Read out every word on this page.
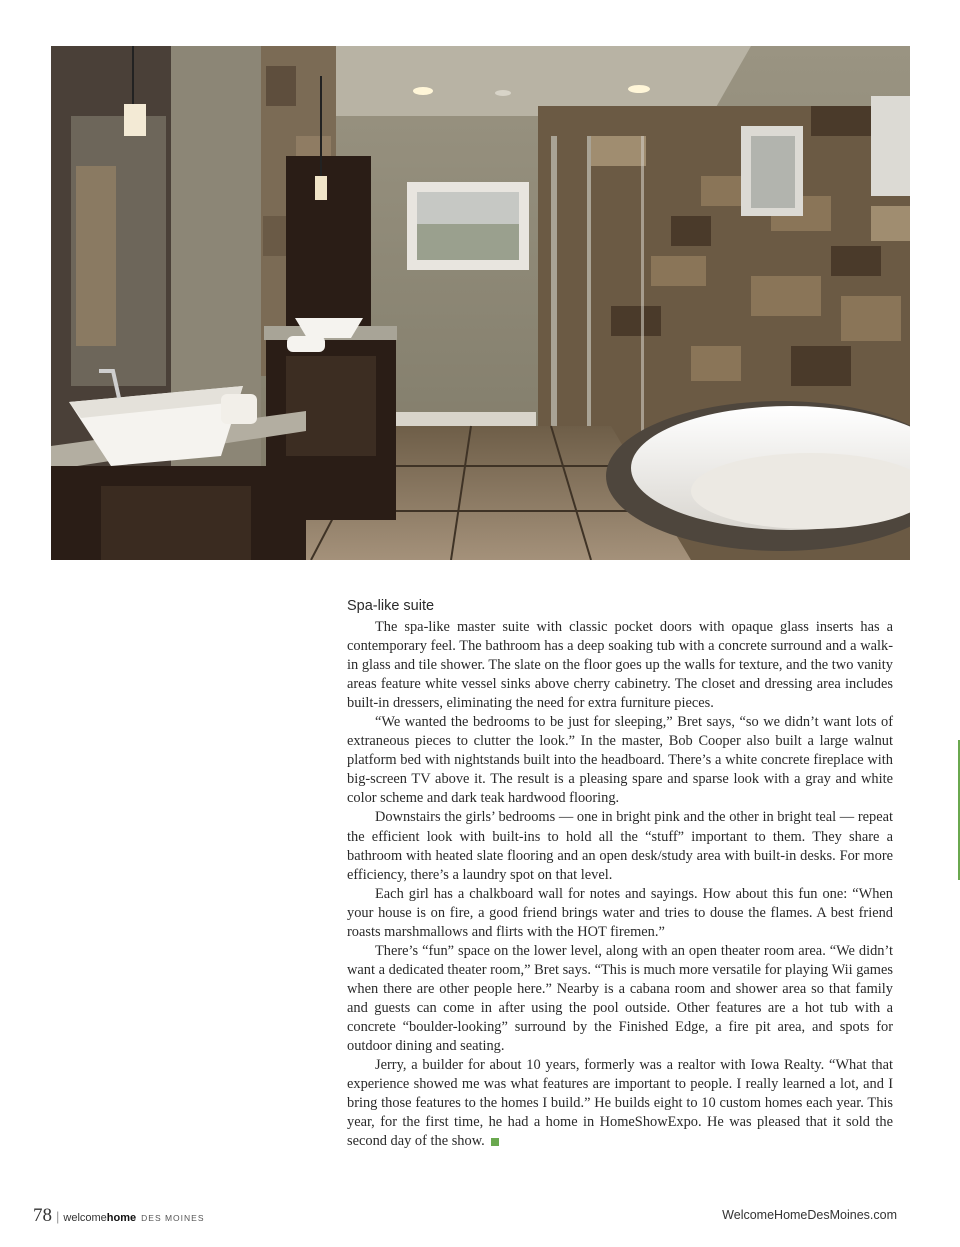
Spa-like suite

The spa-like master suite with classic pocket doors with opaque glass inserts has a contemporary feel. The bathroom has a deep soaking tub with a concrete surround and a walk-in glass and tile shower. The slate on the floor goes up the walls for texture, and the two vanity areas feature white vessel sinks above cherry cabinetry. The closet and dressing area includes built-in dressers, eliminating the need for extra furniture pieces.

“We wanted the bedrooms to be just for sleeping,” Bret says, “so we didn’t want lots of extraneous pieces to clutter the look.” In the master, Bob Cooper also built a large walnut platform bed with nightstands built into the headboard. There’s a white concrete fireplace with big-screen TV above it. The result is a pleasing spare and sparse look with a gray and white color scheme and dark teak hardwood flooring.

Downstairs the girls’ bedrooms — one in bright pink and the other in bright teal — repeat the efficient look with built-ins to hold all the “stuff” important to them. They share a bathroom with heated slate flooring and an open desk/study area with built-in desks. For more efficiency, there’s a laundry spot on that level.

Each girl has a chalkboard wall for notes and sayings. How about this fun one: “When your house is on fire, a good friend brings water and tries to douse the flames. A best friend roasts marshmallows and flirts with the HOT firemen.”

There’s “fun” space on the lower level, along with an open theater room area. “We didn’t want a dedicated theater room,” Bret says. “This is much more versatile for playing Wii games when there are other people here.” Nearby is a cabana room and shower area so that family and guests can come in after using the pool outside. Other features are a hot tub with a concrete “boulder-looking” surround by the Finished Edge, a fire pit area, and spots for outdoor dining and seating.

Jerry, a builder for about 10 years, formerly was a realtor with Iowa Realty. “What that experience showed me was what features are important to people. I really learned a lot, and I bring those features to the homes I build.” He builds eight to 10 custom homes each year. This year, for the first time, he had a home in HomeShowExpo. He was pleased that it sold the second day of the show.

78 | welcome home DES MOINES	WelcomeHomeDesMoines.com
